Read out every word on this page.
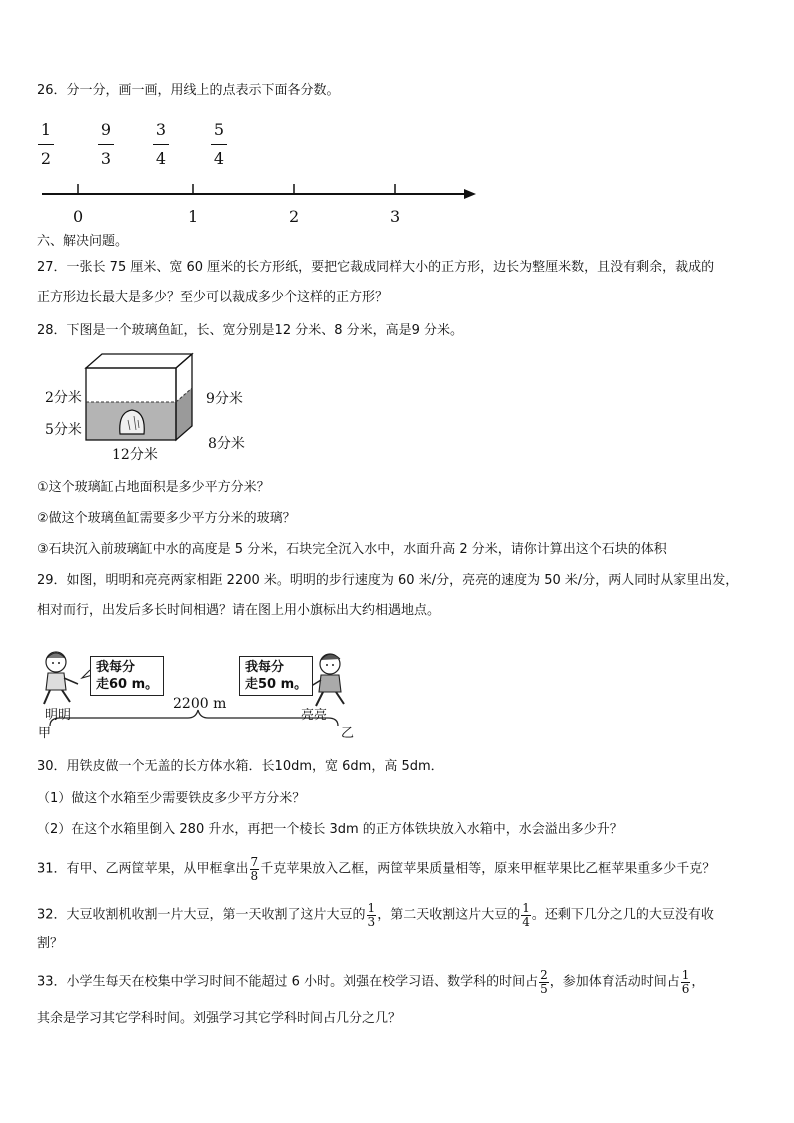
26．分一分，画一画，用线上的点表示下面各分数。
1
2
9
3
3
4
5
4
0	1	2	3
六、解决问题。
27．一张长 75 厘米、宽 60 厘米的长方形纸，要把它裁成同样大小的正方形，边长为整厘米数，且没有剩余，裁成的
正方形边长最大是多少？至少可以裁成多少个这样的正方形？
28．下图是一个玻璃鱼缸，长、宽分别是12 分米、8 分米，高是9 分米。
2分米
5分米
9分米
8分米
12分米
①这个玻璃缸占地面积是多少平方分米？
②做这个玻璃鱼缸需要多少平方分米的玻璃？
③石块沉入前玻璃缸中水的高度是 5 分米，石块完全沉入水中，水面升高 2 分米，请你计算出这个石块的体积
29．如图，明明和亮亮两家相距 2200 米。明明的步行速度为 60 米/分，亮亮的速度为 50 米/分，两人同时从家里出发，
相对而行，出发后多长时间相遇？请在图上用小旗标出大约相遇地点。
我每分
走60 m。
我每分
走50 m。
2200 m
明明	亮亮
甲	乙
30．用铁皮做一个无盖的长方体水箱．长10dm，宽 6dm，高 5dm．
（1）做这个水箱至少需要铁皮多少平方分米？
（2）在这个水箱里倒入 280 升水，再把一个棱长 3dm 的正方体铁块放入水箱中，水会溢出多少升？
31．有甲、乙两筐苹果，从甲框拿出 $\frac{7}{8}$ 千克苹果放入乙框，两筐苹果质量相等，原来甲框苹果比乙框苹果重多少千克？
32．大豆收割机收割一片大豆，第一天收割了这片大豆的 $\frac{1}{3}$ ，第二天收割这片大豆的 $\frac{1}{4}$ 。还剩下几分之几的大豆没有收
割？
33．小学生每天在校集中学习时间不能超过 6 小时。刘强在校学习语、数学科的时间占 $\frac{2}{5}$ ，参加体育活动时间占 $\frac{1}{6}$ ，
其余是学习其它学科时间。刘强学习其它学科时间占几分之几？
